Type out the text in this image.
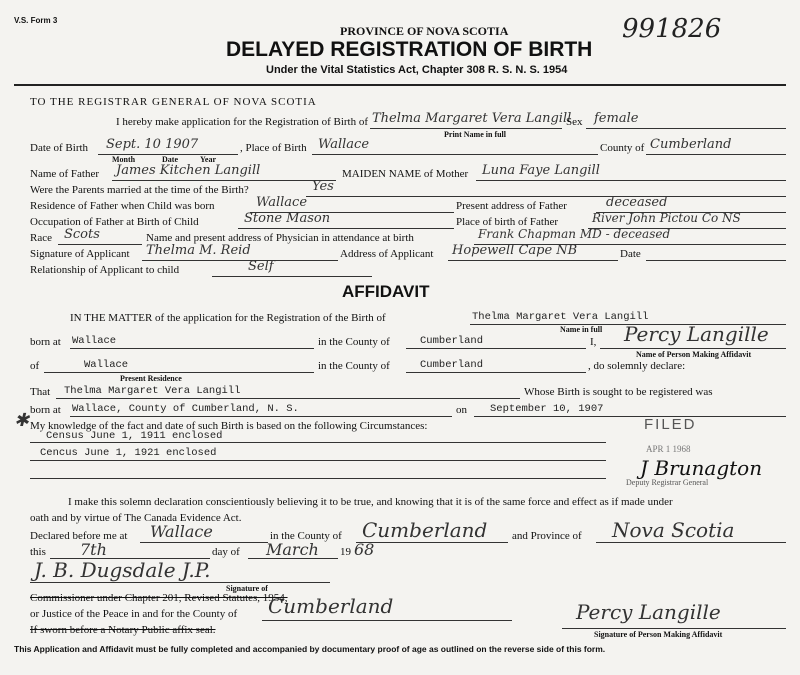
V.S. Form 3
PROVINCE OF NOVA SCOTIA
DELAYED REGISTRATION OF BIRTH
Under the Vital Statistics Act, Chapter 308 R. S. N. S. 1954
991826
TO THE REGISTRAR GENERAL OF NOVA SCOTIA
I hereby make application for the Registration of Birth of Thelma Margaret Vera Langill
Sex female
Print Name in full
Date of Birth Sept. 10 1907
Month	Date	Year
, Place of Birth Wallace	County of Cumberland
Name of Father James Kitchen Langill	MAIDEN NAME of Mother Luna Faye Langill
Were the Parents married at the time of the Birth?	Yes
Residence of Father when Child was born	Wallace	Present address of Father	deceased
Occupation of Father at Birth of Child	Stone Mason	Place of birth of Father	River John Pictou Co NS
Race Scots	Name and present address of Physician in attendance at birth	Frank Chapman MD - deceased
Signature of Applicant Thelma M. Reid	Address of Applicant Hopewell Cape NB	Date
Relationship of Applicant to child	Self
AFFIDAVIT
IN THE MATTER of the application for the Registration of the Birth of	Thelma Margaret Vera Langill
Name in full
born at Wallace	in the County of	Cumberland	I, Percy Langille
Name of Person Making Affidavit
of	Wallace
Present Residence
in the County of	Cumberland	, do solemnly declare:
That Thelma Margaret Vera Langill	Whose Birth is sought to be registered was
born at Wallace, County of Cumberland, N. S.	on September 10, 1907
✱ My knowledge of the fact and date of such Birth is based on the following Circumstances:
Census June 1, 1911 enclosed
Cencus June 1, 1921 enclosed
FILED
APR 1 1968
Deputy Registrar General
J Brunagton
I make this solemn declaration conscientiously believing it to be true, and knowing that it is of the same force and effect as if made under
oath and by virtue of The Canada Evidence Act.
Declared before me at Wallace	in the County of Cumberland and Province of Nova Scotia
this 7th	day of March 19 68
J. B. Dugsdale J.P.
Signature of
Commissioner under Chapter 201, Revised Statutes, 1954,
or Justice of the Peace in and for the County of Cumberland
If sworn before a Notary Public affix seal.
Percy Langille
Signature of Person Making Affidavit
This Application and Affidavit must be fully completed and accompanied by documentary proof of age as outlined on the reverse side of this form.
